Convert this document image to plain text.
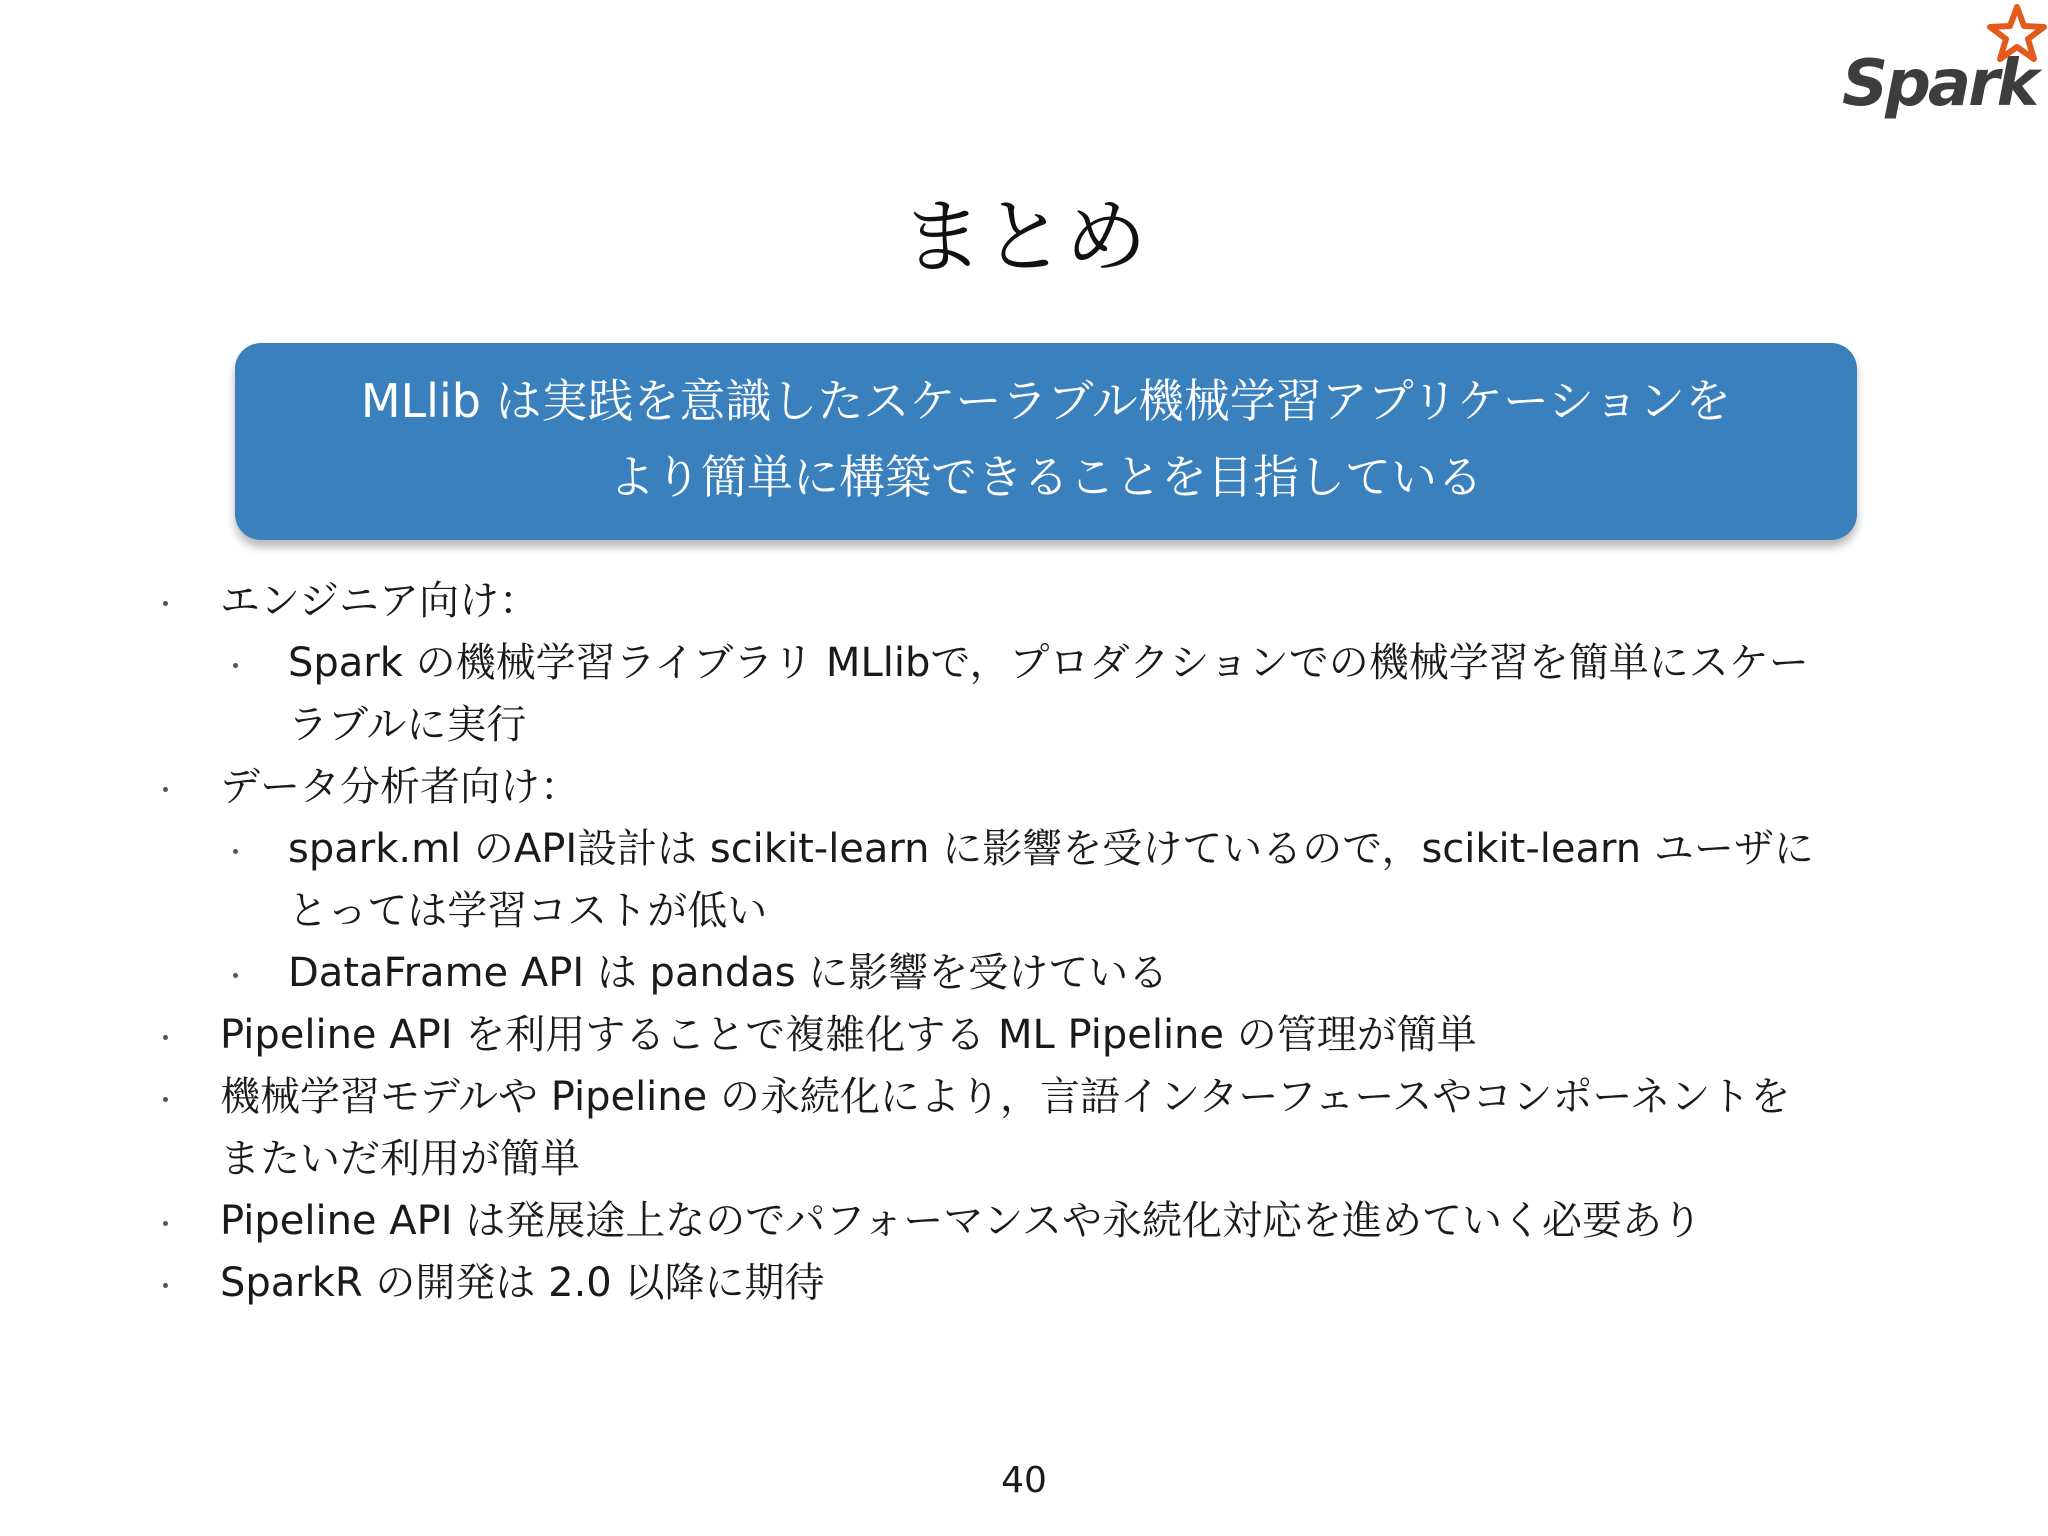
Spark
まとめ
MLlib は実践を意識したスケーラブル機械学習アプリケーションを
より簡単に構築できることを目指している
エンジニア向け：
Spark の機械学習ライブラリ MLlibで，プロダクションでの機械学習を簡単にスケー
ラブルに実行
データ分析者向け：
spark.ml のAPI設計は scikit-learn に影響を受けているので，scikit-learn ユーザに
とっては学習コストが低い
DataFrame API は pandas に影響を受けている
Pipeline API を利用することで複雑化する ML Pipeline の管理が簡単
機械学習モデルや Pipeline の永続化により，言語インターフェースやコンポーネントを
またいだ利用が簡単
Pipeline API は発展途上なのでパフォーマンスや永続化対応を進めていく必要あり
SparkR の開発は 2.0 以降に期待
40
